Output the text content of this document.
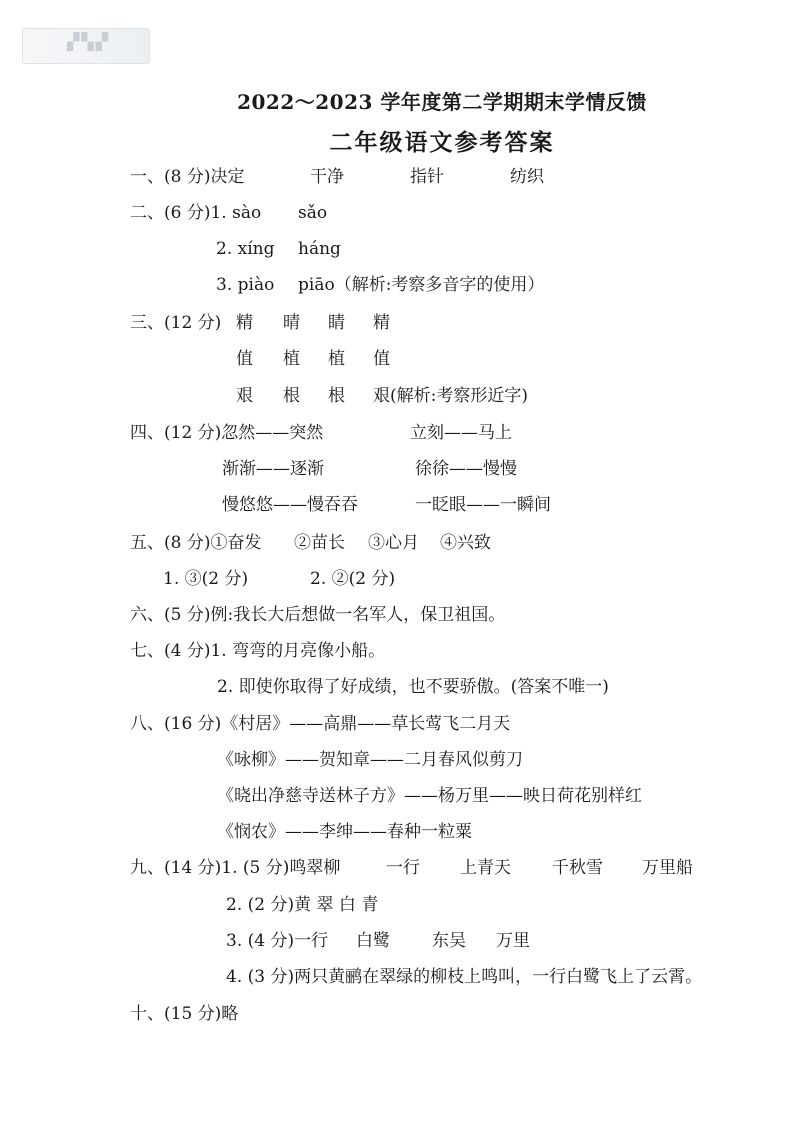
▞▚▞
2022～2023 学年度第二学期期末学情反馈
二年级语文参考答案
一、(8 分)决定	干净	指针	纺织
二、(6 分)1. sào sǎo
2. xíng háng
3. piào piāo（解析:考察多音字的使用）
三、(12 分) 精 晴 睛 精
值 植 植 值
艰 根 根 艰(解析:考察形近字)
四、(12 分)忽然——突然	立刻——马上
渐渐——逐渐	徐徐——慢慢
慢悠悠——慢吞吞	一眨眼——一瞬间
五、(8 分)①奋发 ②苗长 ③心月 ④兴致
1. ③(2 分)	2. ②(2 分)
六、(5 分)例:我长大后想做一名军人，保卫祖国。
七、(4 分)1. 弯弯的月亮像小船。
2. 即使你取得了好成绩，也不要骄傲。(答案不唯一)
八、(16 分)《村居》——高鼎——草长莺飞二月天
《咏柳》——贺知章——二月春风似剪刀
《晓出净慈寺送林子方》——杨万里——映日荷花别样红
《悯农》——李绅——春种一粒粟
九、(14 分)1. (5 分)鸣翠柳	一行 上青天 千秋雪 万里船
2. (2 分)黄 翠 白 青
3. (4 分)一行 白鹭 东吴 万里
4. (3 分)两只黄鹂在翠绿的柳枝上鸣叫，一行白鹭飞上了云霄。
十、(15 分)略
